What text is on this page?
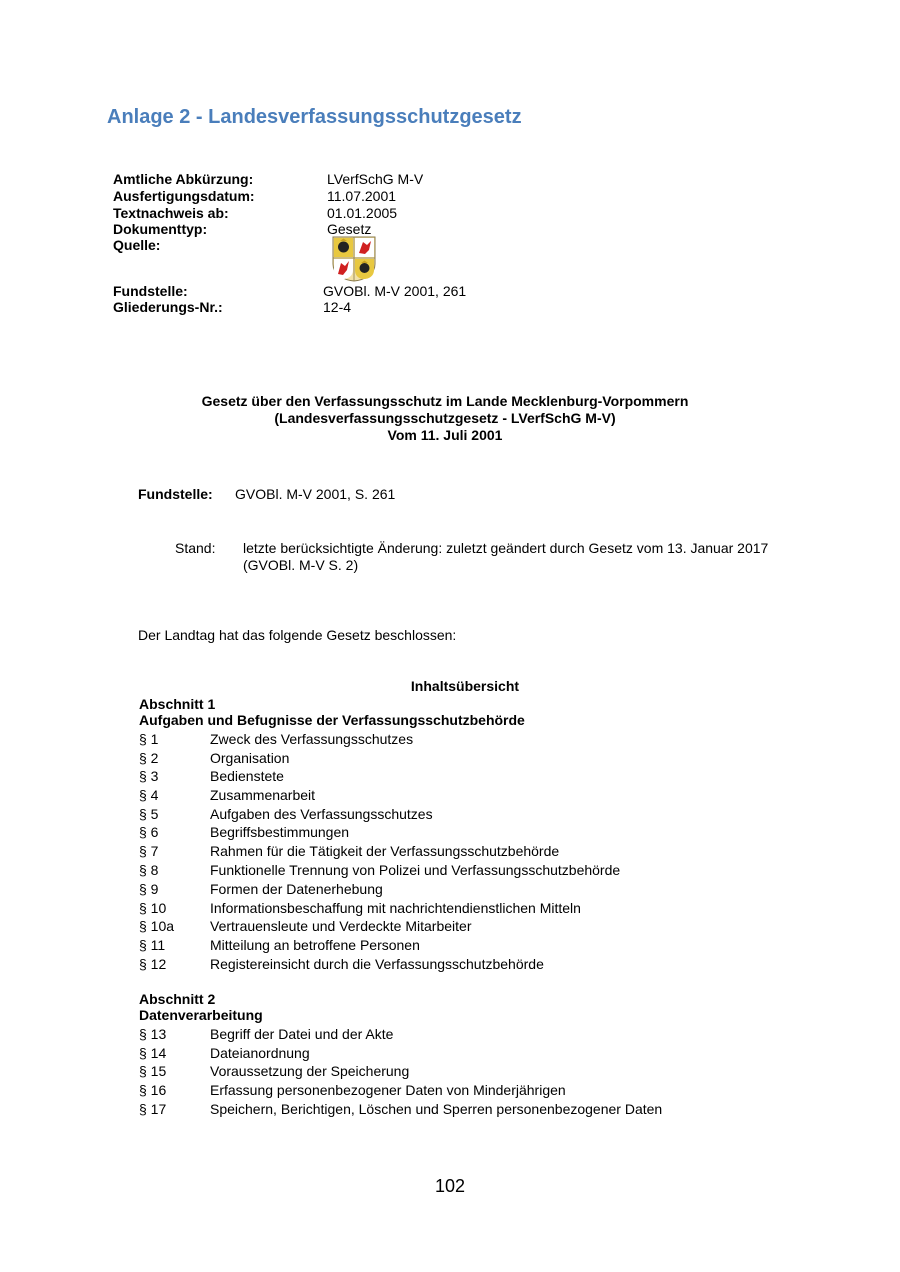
Anlage 2 - Landesverfassungsschutzgesetz
Amtliche Abkürzung:	LVerfSchG M-V
Ausfertigungsdatum:	11.07.2001
Textnachweis ab:	01.01.2005
Dokumenttyp:	Gesetz
Quelle:
Fundstelle:	GVOBl. M-V 2001, 261
Gliederungs-Nr.:	12-4
Gesetz über den Verfassungsschutz im Lande Mecklenburg-Vorpommern
(Landesverfassungsschutzgesetz - LVerfSchG M-V)
Vom 11. Juli 2001
Fundstelle: GVOBl. M-V 2001, S. 261
Stand: letzte berücksichtigte Änderung: zuletzt geändert durch Gesetz vom 13. Januar 2017
(GVOBl. M-V S. 2)
Der Landtag hat das folgende Gesetz beschlossen:
Inhaltsübersicht
Abschnitt 1
Aufgaben und Befugnisse der Verfassungsschutzbehörde
§ 1	Zweck des Verfassungsschutzes
§ 2	Organisation
§ 3	Bedienstete
§ 4	Zusammenarbeit
§ 5	Aufgaben des Verfassungsschutzes
§ 6	Begriffsbestimmungen
§ 7	Rahmen für die Tätigkeit der Verfassungsschutzbehörde
§ 8	Funktionelle Trennung von Polizei und Verfassungsschutzbehörde
§ 9	Formen der Datenerhebung
§ 10	Informationsbeschaffung mit nachrichtendienstlichen Mitteln
§ 10a	Vertrauensleute und Verdeckte Mitarbeiter
§ 11	Mitteilung an betroffene Personen
§ 12	Registereinsicht durch die Verfassungsschutzbehörde
Abschnitt 2
Datenverarbeitung
§ 13	Begriff der Datei und der Akte
§ 14	Dateianordnung
§ 15	Voraussetzung der Speicherung
§ 16	Erfassung personenbezogener Daten von Minderjährigen
§ 17	Speichern, Berichtigen, Löschen und Sperren personenbezogener Daten
102
